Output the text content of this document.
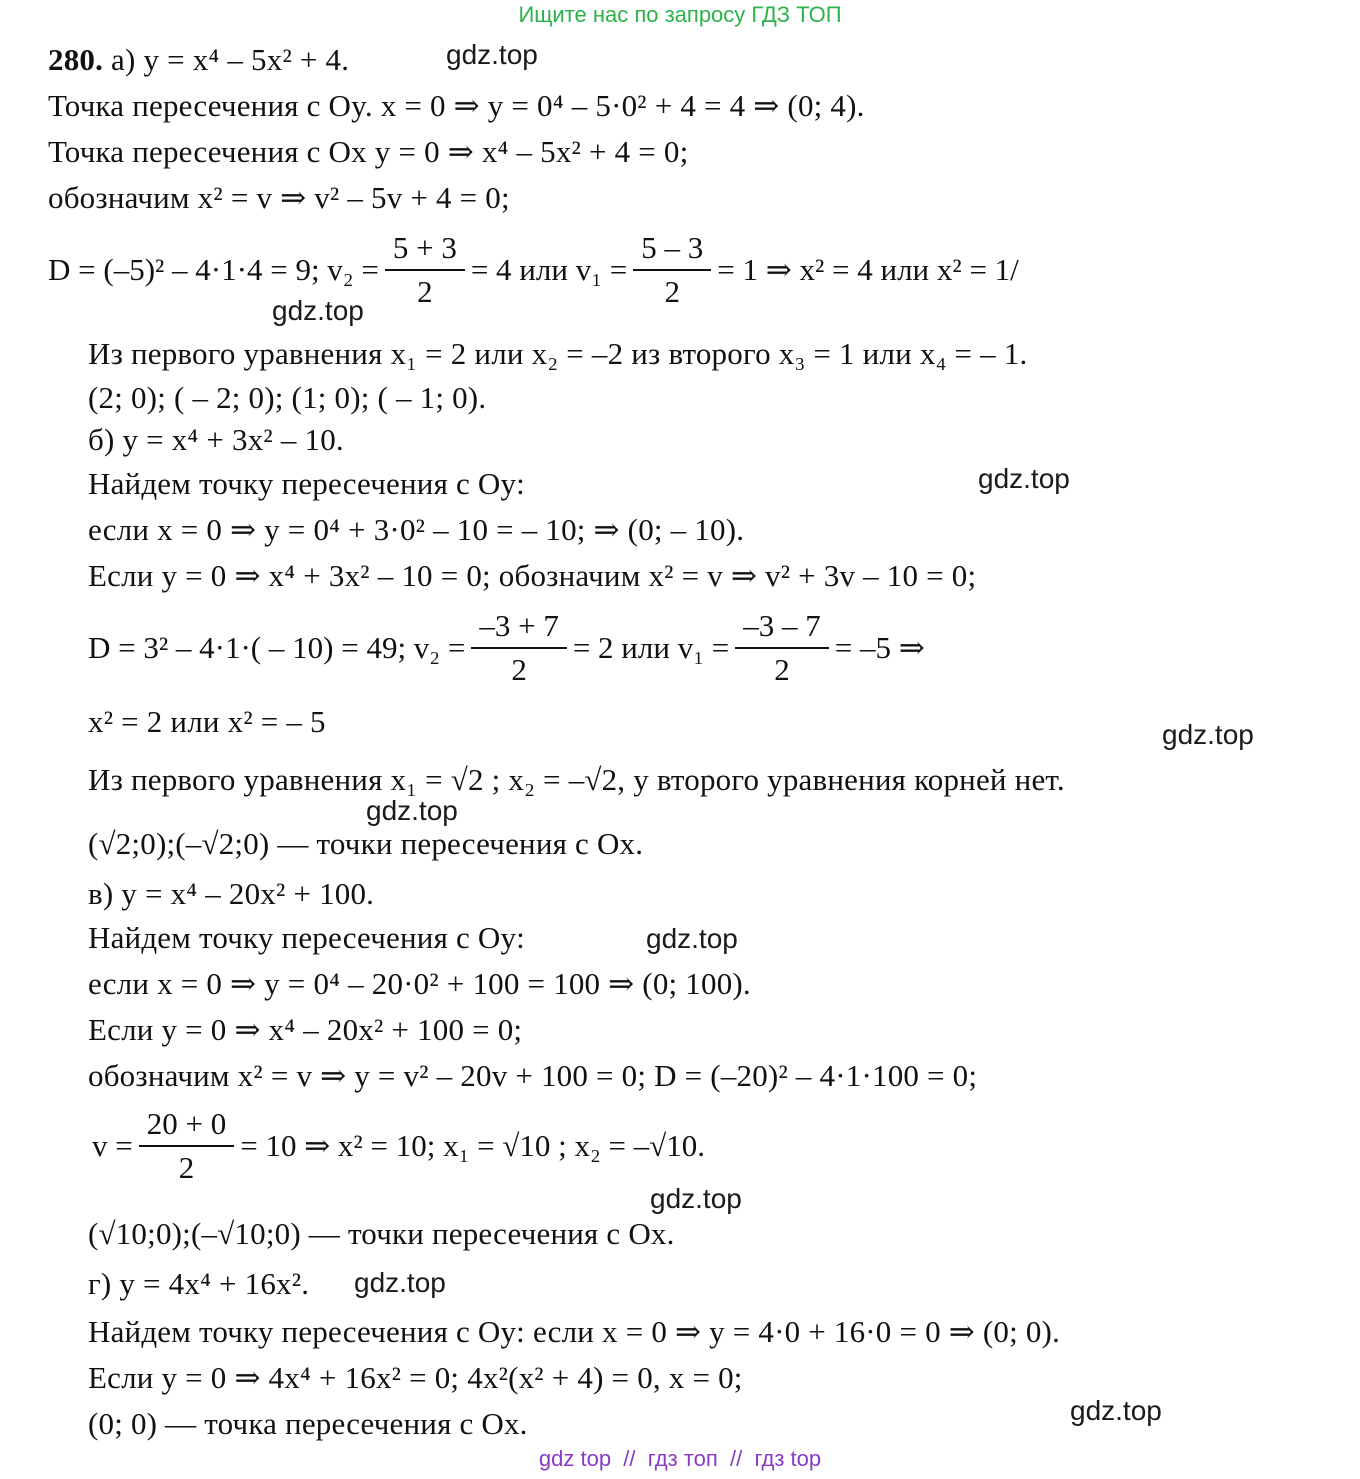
Ищите нас по запросу ГДЗ ТОП
280. а) y = x⁴ – 5x² + 4.	gdz.top
Точка пересечения с Oy. x = 0 ⇒ y = 0⁴ – 5·0² + 4 = 4 ⇒ (0; 4).
Точка пересечения с Ox y = 0 ⇒ x⁴ – 5x² + 4 = 0;
обозначим x² = v ⇒ v² – 5v + 4 = 0;
D = (–5)² – 4·1·4 = 9; $v_2 = \frac{5 + 3}{2} = 4$ или $v_1 = \frac{5 - 3}{2} = 1$ ⇒ x² = 4 или x² = 1/
gdz.top
Из первого уравнения x₁ = 2 или x₂ = –2 из второго x₃ = 1 или x₄ = – 1.
(2; 0); ( – 2; 0); (1; 0); ( – 1; 0).
б) y = x⁴ + 3x² – 10.
Найдем точку пересечения с Oy:	gdz.top
если x = 0 ⇒ y = 0⁴ + 3·0² – 10 = – 10; ⇒ (0; – 10).
Если y = 0 ⇒ x⁴ + 3x² – 10 = 0; обозначим x² = v ⇒ v² + 3v – 10 = 0;
D = 3² – 4·1·( – 10) = 49; $v_2 = \frac{-3 + 7}{2} = 2$ или $v_1 = \frac{-3 - 7}{2} = -5$ ⇒
x² = 2 или x² = – 5	gdz.top
Из первого уравнения x₁ = √2 ; x₂ = –√2, у второго уравнения корней нет.
gdz.top
(√2;0);(–√2;0) — точки пересечения с Ox.
в) y = x⁴ – 20x² + 100.
Найдем точку пересечения с Oy:	gdz.top
если x = 0 ⇒ y = 0⁴ – 20·0² + 100 = 100 ⇒ (0; 100).
Если y = 0 ⇒ x⁴ – 20x² + 100 = 0;
обозначим x² = v ⇒ y = v² – 20v + 100 = 0; D = (–20)² – 4·1·100 = 0;
$v = \frac{20 + 0}{2} = 10$ ⇒ x² = 10; x₁ = √10 ; x₂ = –√10.
gdz.top
(√10;0);(–√10;0) — точки пересечения с Ox.
г) y = 4x⁴ + 16x². gdz.top
Найдем точку пересечения с Oy: если x = 0 ⇒ y = 4·0 + 16·0 = 0 ⇒ (0; 0).
Если y = 0 ⇒ 4x⁴ + 16x² = 0; 4x²(x² + 4) = 0, x = 0;
(0; 0) — точка пересечения с Ox.	gdz.top
gdz top  //  гдз топ  //  гдз top
